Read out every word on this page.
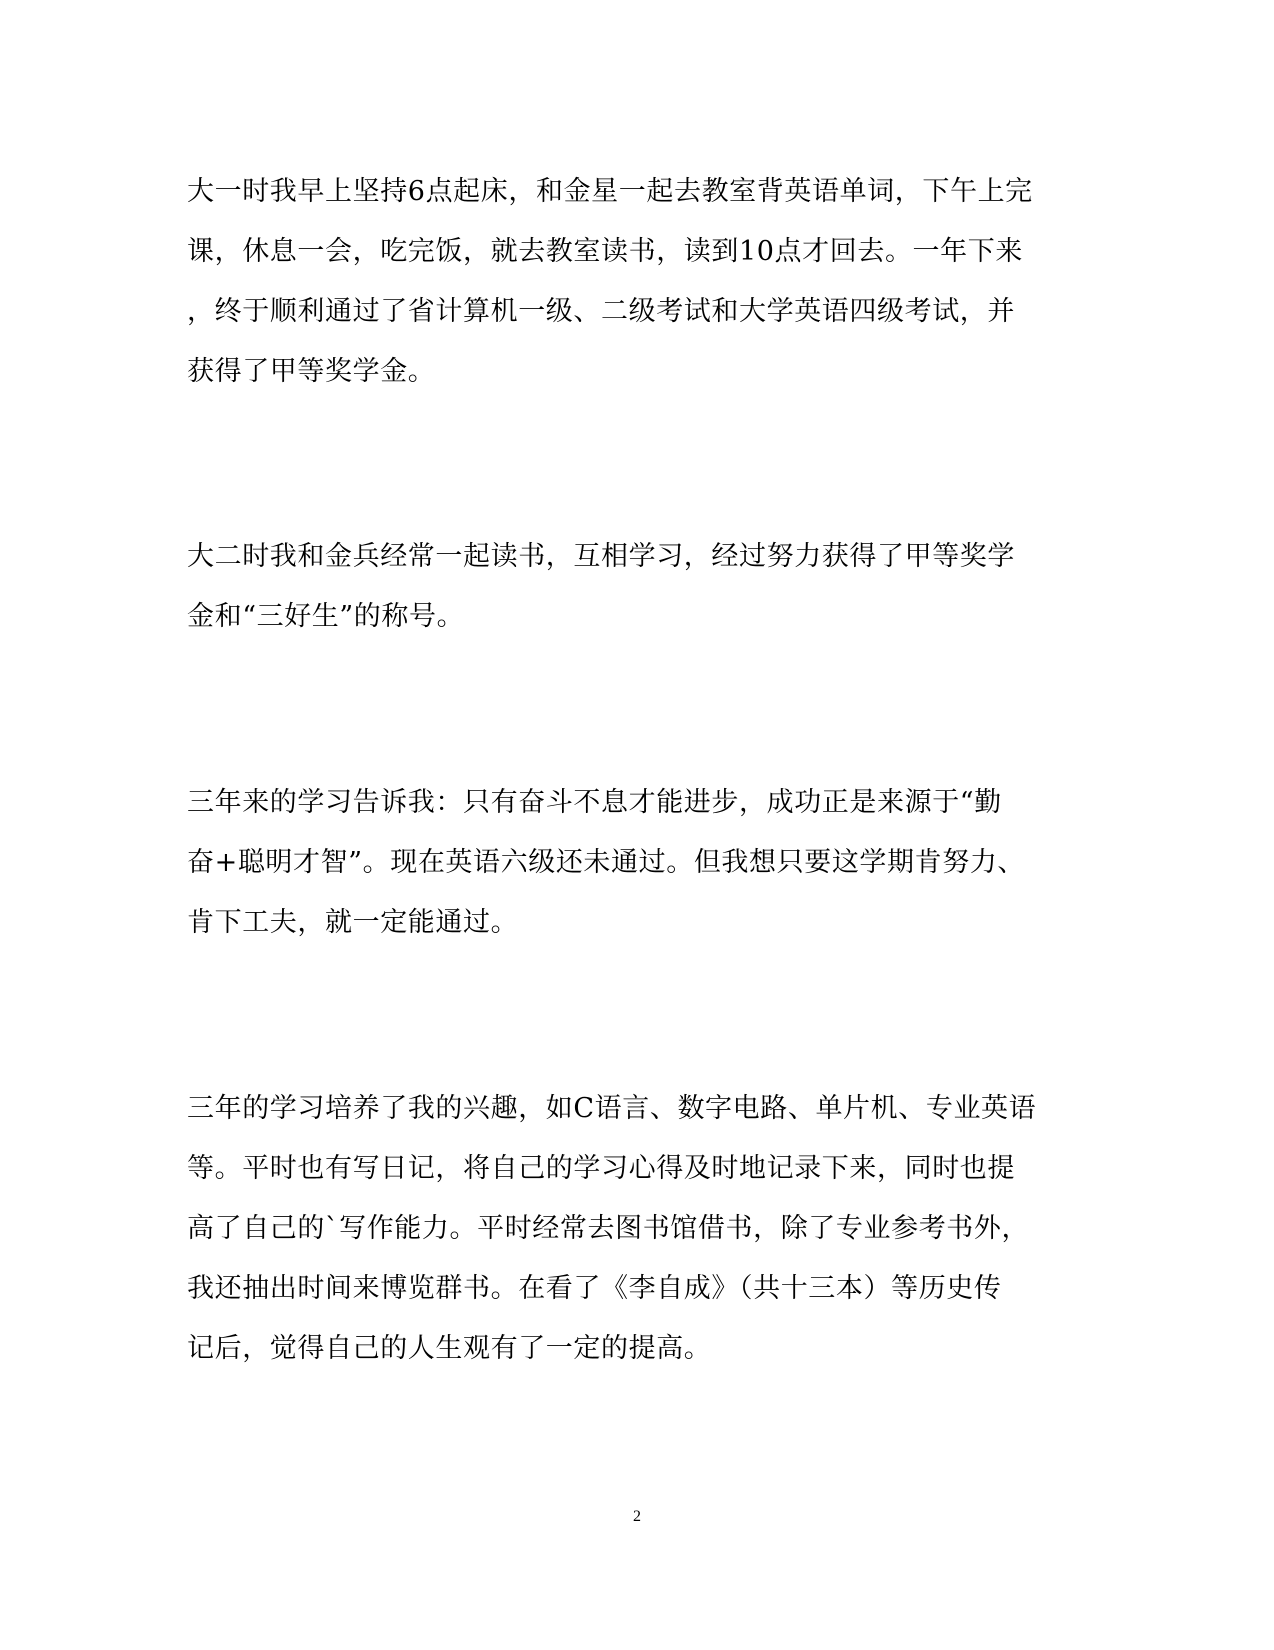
大一时我早上坚持6点起床，和金星一起去教室背英语单词，下午上完
课，休息一会，吃完饭，就去教室读书，读到10点才回去。一年下来
，终于顺利通过了省计算机一级、二级考试和大学英语四级考试，并
获得了甲等奖学金。
大二时我和金兵经常一起读书，互相学习，经过努力获得了甲等奖学
金和“三好生”的称号。
三年来的学习告诉我：只有奋斗不息才能进步，成功正是来源于“勤
奋+聪明才智”。现在英语六级还未通过。但我想只要这学期肯努力、
肯下工夫，就一定能通过。
三年的学习培养了我的兴趣，如C语言、数字电路、单片机、专业英语
等。平时也有写日记，将自己的学习心得及时地记录下来，同时也提
高了自己的`写作能力。平时经常去图书馆借书，除了专业参考书外，
我还抽出时间来博览群书。在看了《李自成》（共十三本）等历史传
记后，觉得自己的人生观有了一定的提高。
2
